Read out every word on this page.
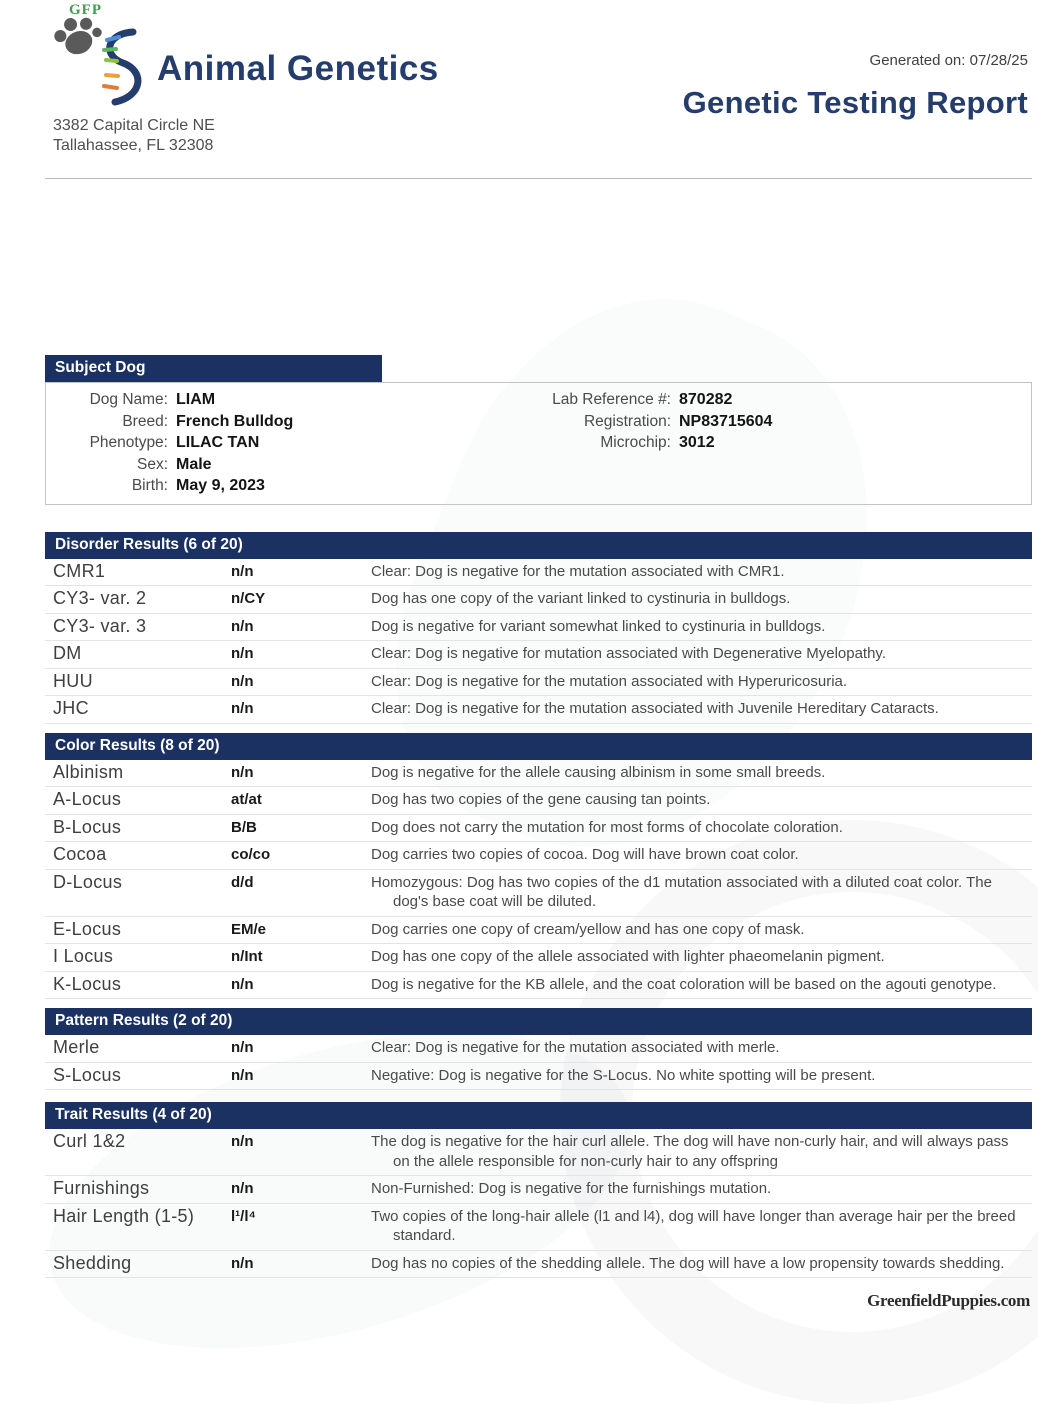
GFP
Animal Genetics
3382 Capital Circle NE
Tallahassee, FL 32308
Generated on: 07/28/25
Genetic Testing Report
Subject Dog
Dog Name: LIAM
Breed: French Bulldog
Phenotype: LILAC TAN
Sex: Male
Birth: May 9, 2023
Lab Reference #: 870282
Registration: NP83715604
Microchip: 3012
Disorder Results (6 of 20)
CMR1	n/n	Clear: Dog is negative for the mutation associated with CMR1.
CY3- var. 2	n/CY	Dog has one copy of the variant linked to cystinuria in bulldogs.
CY3- var. 3	n/n	Dog is negative for variant somewhat linked to cystinuria in bulldogs.
DM	n/n	Clear: Dog is negative for mutation associated with Degenerative Myelopathy.
HUU	n/n	Clear: Dog is negative for the mutation associated with Hyperuricosuria.
JHC	n/n	Clear: Dog is negative for the mutation associated with Juvenile Hereditary Cataracts.
Color Results (8 of 20)
Albinism	n/n	Dog is negative for the allele causing albinism in some small breeds.
A-Locus	at/at	Dog has two copies of the gene causing tan points.
B-Locus	B/B	Dog does not carry the mutation for most forms of chocolate coloration.
Cocoa	co/co	Dog carries two copies of cocoa. Dog will have brown coat color.
D-Locus	d/d	Homozygous: Dog has two copies of the d1 mutation associated with a diluted coat color. The dog's base coat will be diluted.
E-Locus	EM/e	Dog carries one copy of cream/yellow and has one copy of mask.
I Locus	n/Int	Dog has one copy of the allele associated with lighter phaeomelanin pigment.
K-Locus	n/n	Dog is negative for the KB allele, and the coat coloration will be based on the agouti genotype.
Pattern Results (2 of 20)
Merle	n/n	Clear: Dog is negative for the mutation associated with merle.
S-Locus	n/n	Negative: Dog is negative for the S-Locus. No white spotting will be present.
Trait Results (4 of 20)
Curl 1&2	n/n	The dog is negative for the hair curl allele. The dog will have non-curly hair, and will always pass on the allele responsible for non-curly hair to any offspring
Furnishings	n/n	Non-Furnished: Dog is negative for the furnishings mutation.
Hair Length (1-5)	l¹/l⁴	Two copies of the long-hair allele (l1 and l4), dog will have longer than average hair per the breed standard.
Shedding	n/n	Dog has no copies of the shedding allele. The dog will have a low propensity towards shedding.
GreenfieldPuppies.com
